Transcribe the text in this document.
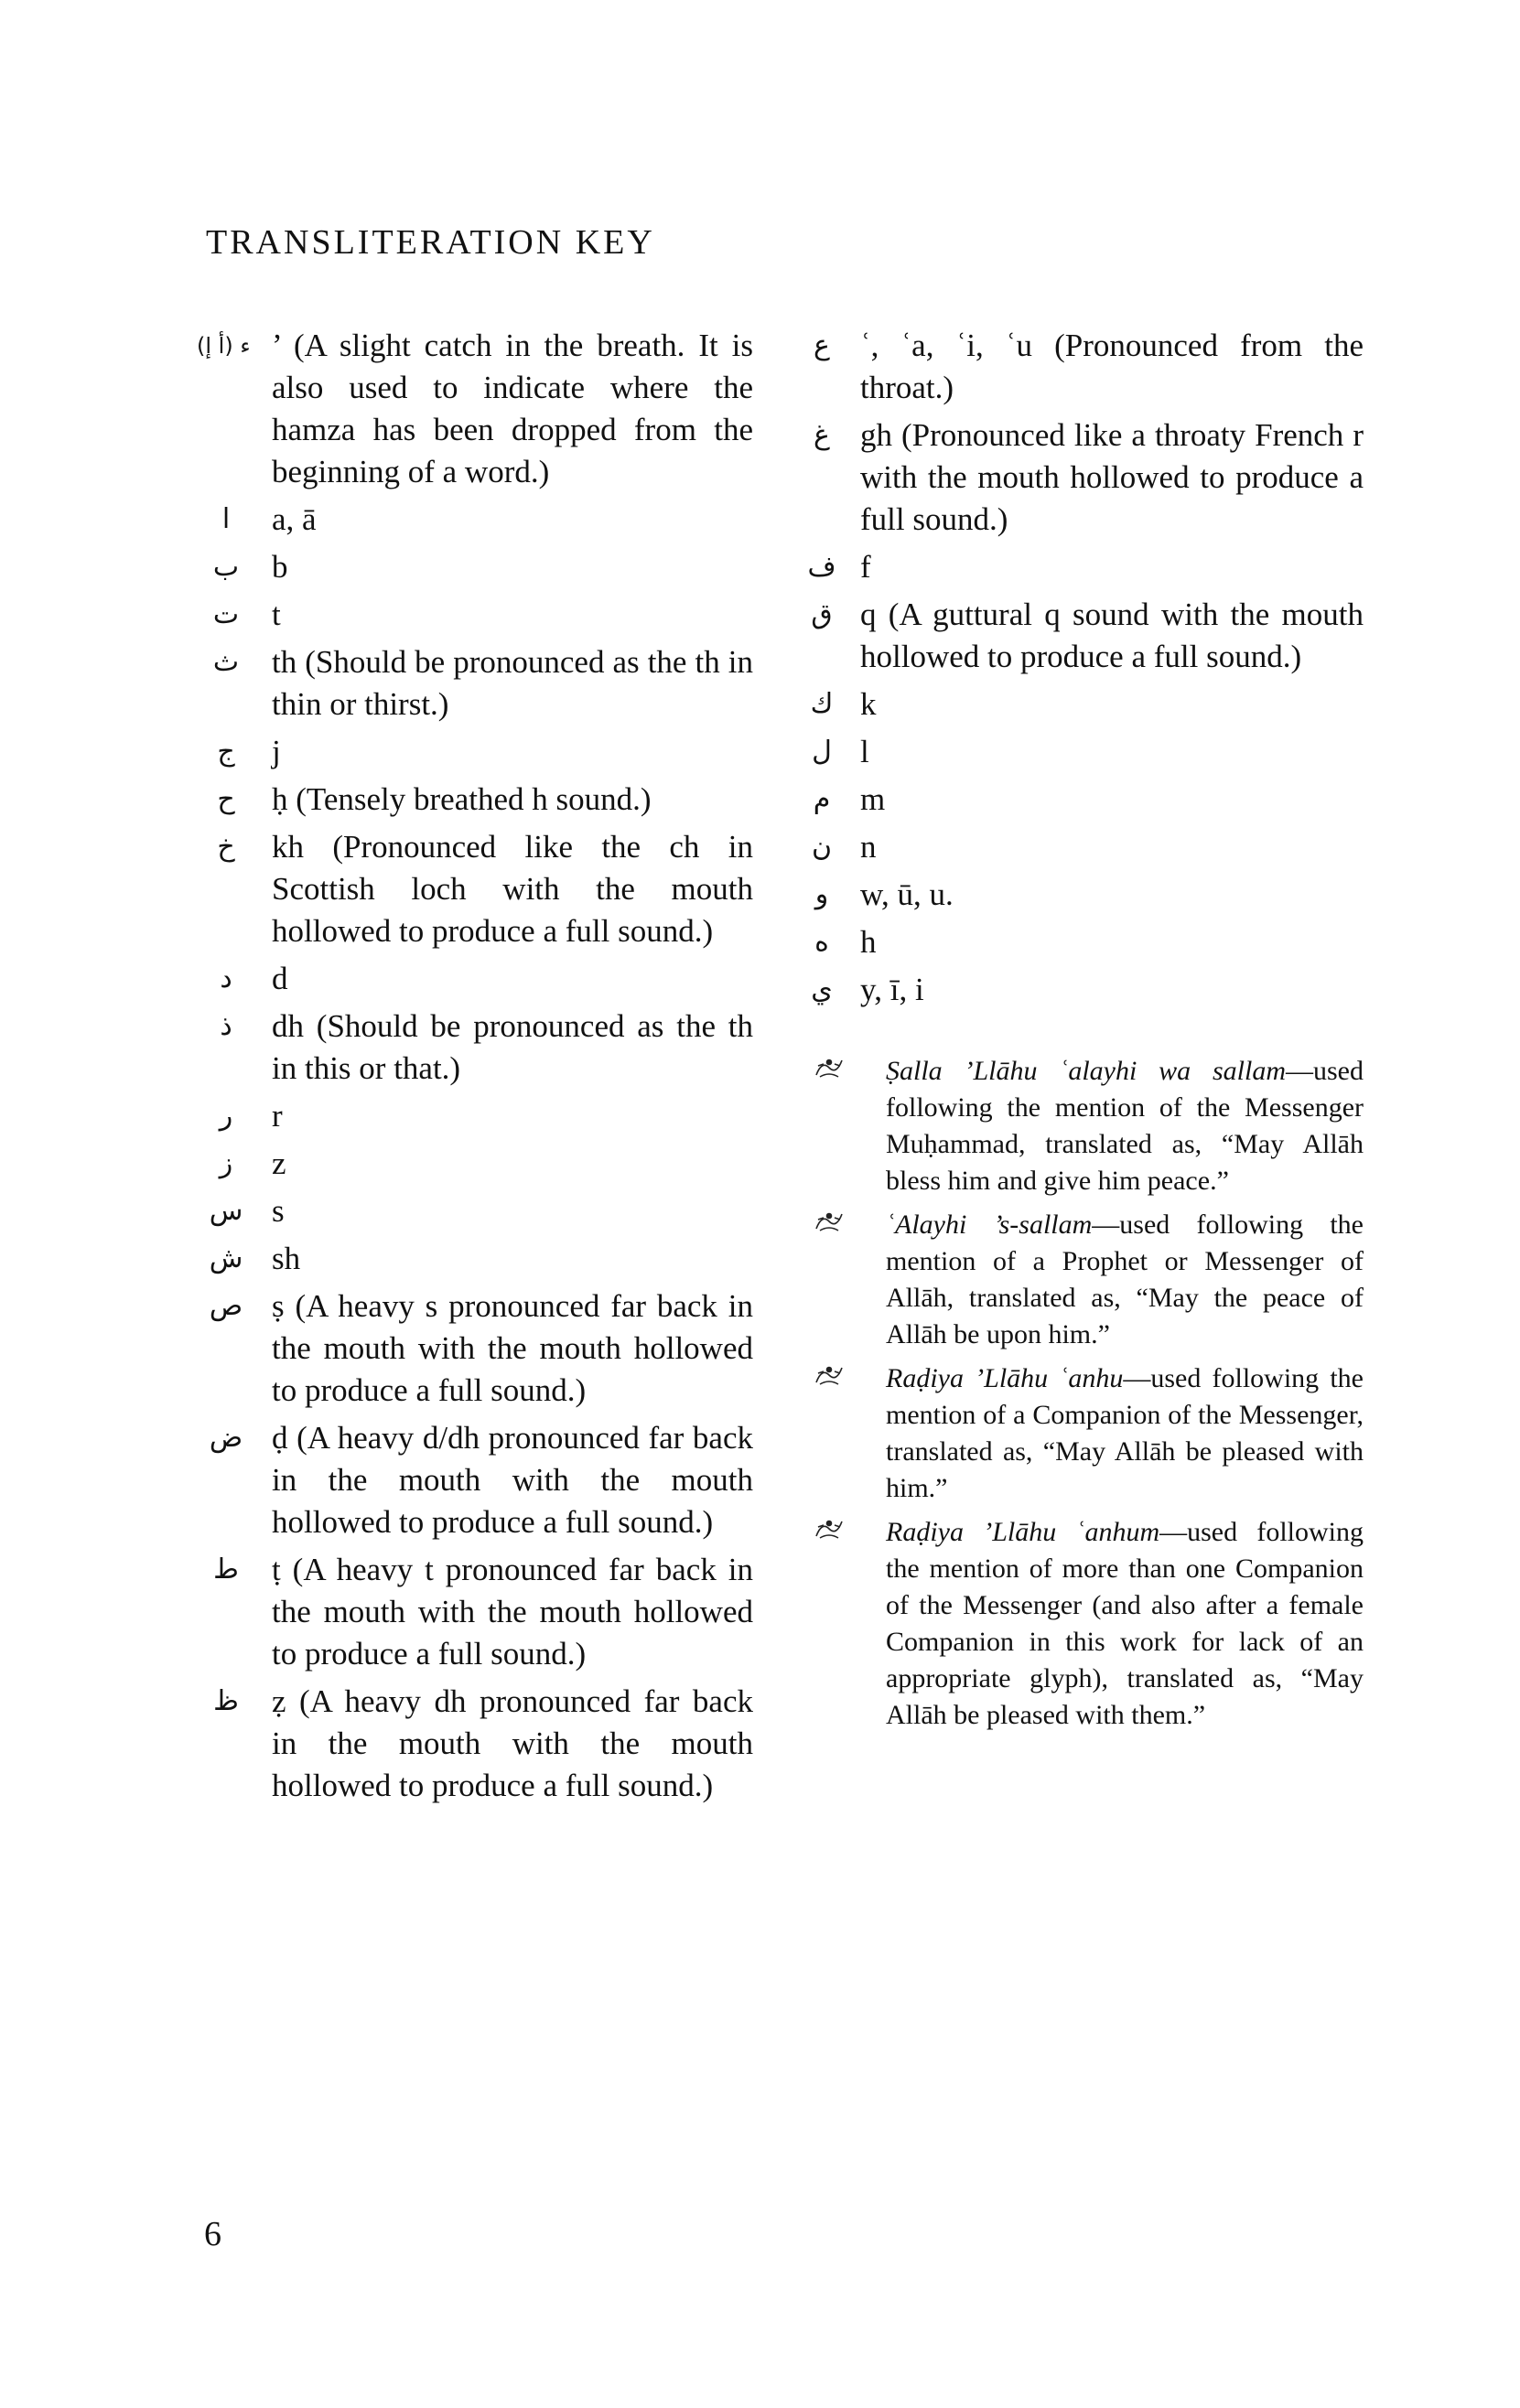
TRANSLITERATION KEY
ء (أ إ) ’ (A slight catch in the breath. It is also used to indicate where the hamza has been dropped from the beginning of a word.)
ا	a, ā
ب	b
ت	t
ث	th (Should be pronounced as the th in thin or thirst.)
ج	j
ح	ḥ (Tensely breathed h sound.)
خ	kh (Pronounced like the ch in Scottish loch with the mouth hollowed to produce a full sound.)
د	d
ذ	dh (Should be pronounced as the th in this or that.)
ر	r
ز	z
س s
ش sh
ص ṣ (A heavy s pronounced far back in the mouth with the mouth hollowed to produce a full sound.)
ض ḍ (A heavy d/dh pronounced far back in the mouth with the mouth hollowed to produce a full sound.)
ط	ṭ (A heavy t pronounced far back in the mouth with the mouth hollowed to produce a full sound.)
ظ	ẓ (A heavy dh pronounced far back in the mouth with the mouth hollowed to produce a full sound.)
ع ʿ, ʿa, ʿi, ʿu (Pronounced from the throat.)
غ gh (Pronounced like a throaty French r with the mouth hollowed to produce a full sound.)
ف f
ق q (A guttural q sound with the mouth hollowed to produce a full sound.)
ك k
ل l
م m
ن n
و w, ū, u.
ه h
ي y, ī, i
Ṣalla ’Llāhu ʿalayhi wa sallam—used following the mention of the Messenger Muḥammad, translated as, “May Allāh bless him and give him peace.”
ʿAlayhi ’s-sallam—used following the mention of a Prophet or Messenger of Allāh, translated as, “May the peace of Allāh be upon him.”
Raḍiya ’Llāhu ʿanhu—used following the mention of a Companion of the Messenger, translated as, “May Allāh be pleased with him.”
Raḍiya ’Llāhu ʿanhum—used following the mention of more than one Companion of the Messenger (and also after a female Companion in this work for lack of an appropriate glyph), translated as, “May Allāh be pleased with them.”

6
